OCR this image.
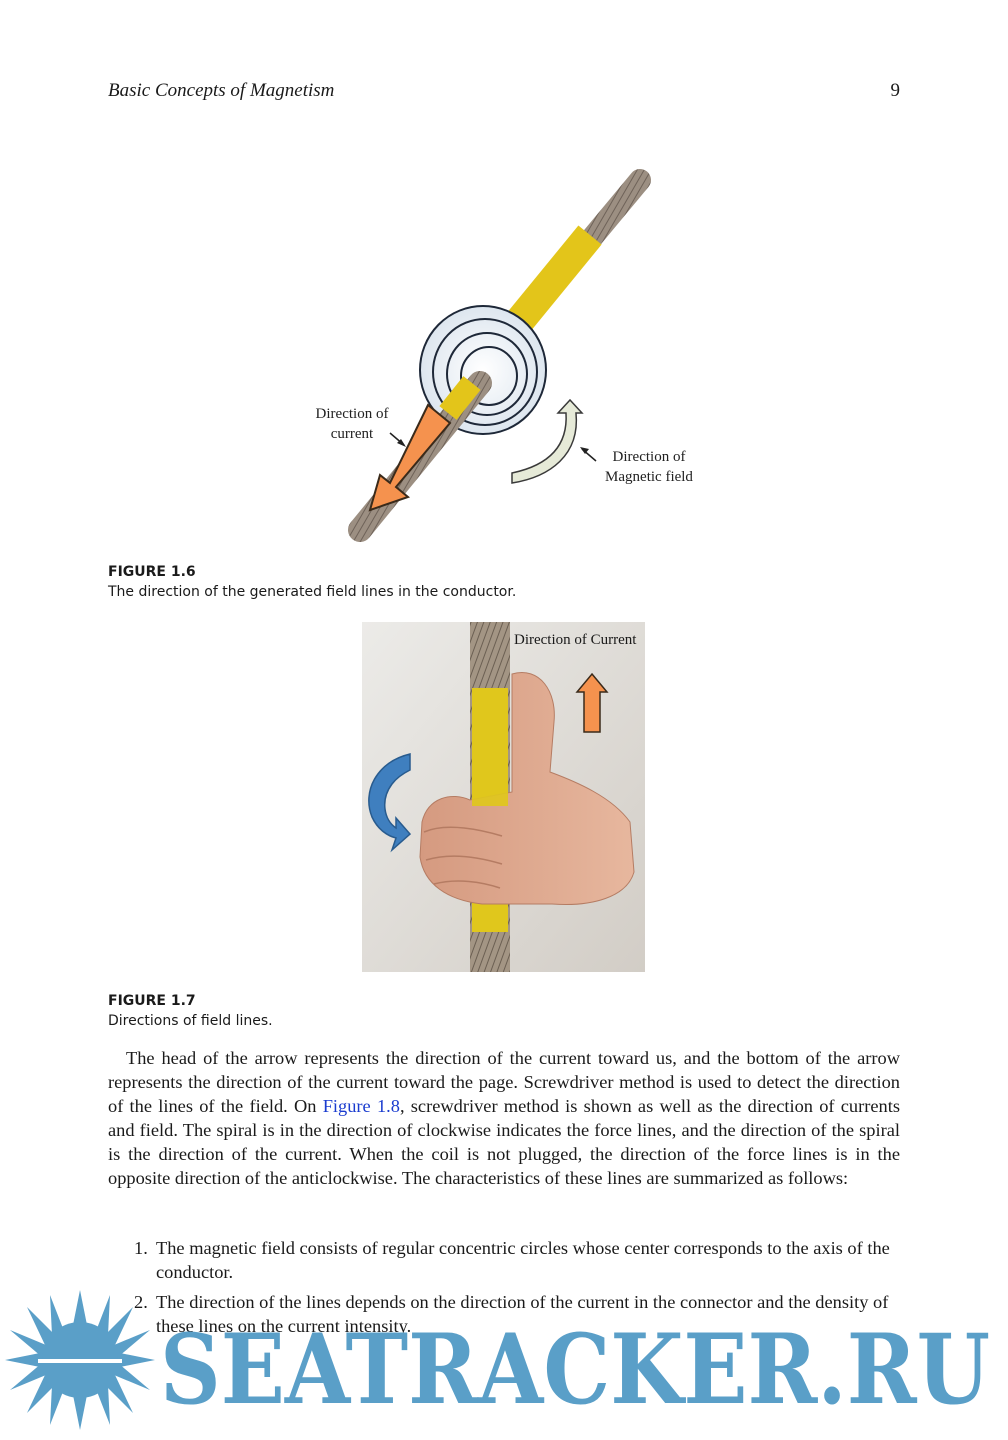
Basic Concepts of Magnetism	9
Direction of
current
Direction of
Magnetic field
FIGURE 1.6
The direction of the generated field lines in the conductor.
Direction of Current
FIGURE 1.7
Directions of field lines.

The head of the arrow represents the direction of the current toward us, and the bottom of the arrow represents the direction of the current toward the page. Screwdriver method is used to detect the direction of the lines of the field. On Figure 1.8, screwdriver method is shown as well as the direction of currents and field. The spiral is in the direction of clockwise indicates the force lines, and the direction of the spiral is the direction of the current. When the coil is not plugged, the direction of the force lines is in the opposite direction of the anticlockwise. The characteristics of these lines are summarized as follows:

1. The magnetic field consists of regular concentric circles whose center corresponds to the axis of the conductor.
2. The direction of the lines depends on the direction of the current in the connector and the density of these lines on the current intensity.
SEATRACKER.RU
